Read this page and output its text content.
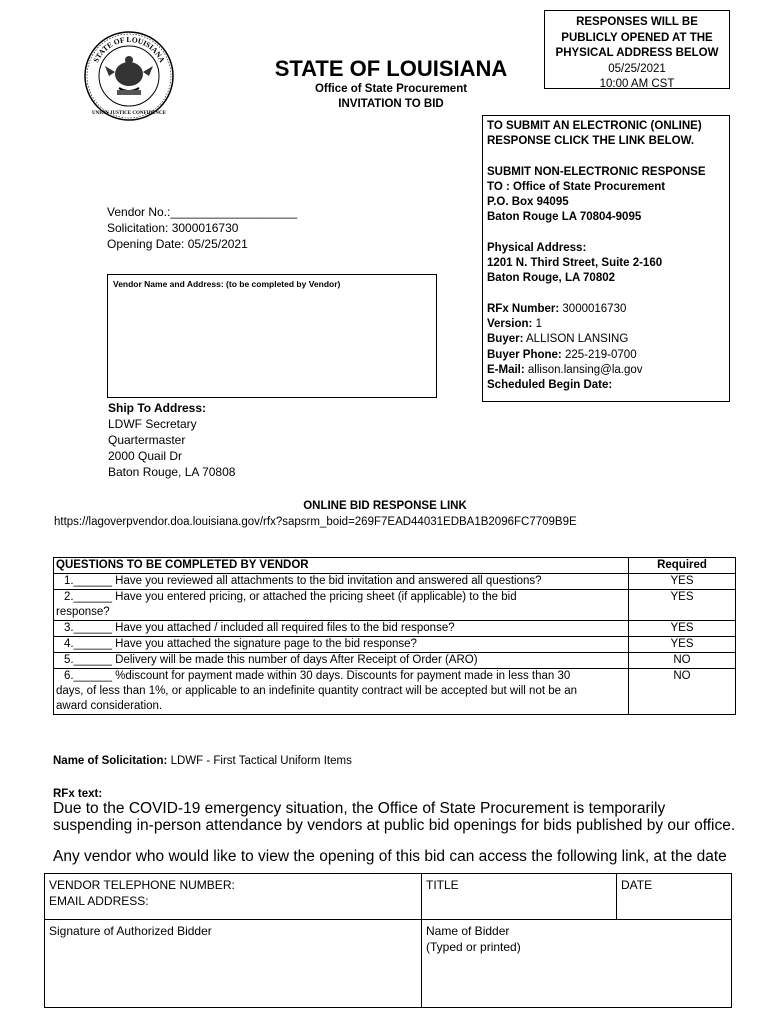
STATE OF LOUISIANA
UNION JUSTICE CONFIDENCE
RESPONSES WILL BE
PUBLICLY OPENED AT THE
PHYSICAL ADDRESS BELOW
05/25/2021
10:00 AM CST
STATE OF LOUISIANA
Office of State Procurement
INVITATION TO BID

TO SUBMIT AN ELECTRONIC (ONLINE)

RESPONSE CLICK THE LINK BELOW.

SUBMIT NON-ELECTRONIC RESPONSE

TO : Office of State Procurement

P.O. Box 94095

Baton Rouge LA 70804-9095

Physical Address:

1201 N. Third Street, Suite 2-160

Baton Rouge, LA 70802

RFx Number: 3000016730

Version: 1

Buyer: ALLISON LANSING

Buyer Phone: 225-219-0700

E-Mail: allison.lansing@la.gov

Scheduled Begin Date:

Vendor No.:___________________
Solicitation: 3000016730
Opening Date: 05/25/2021
Vendor Name and Address: (to be completed by Vendor)
Ship To Address:
LDWF Secretary
Quartermaster
2000 Quail Dr
Baton Rouge, LA 70808
ONLINE BID RESPONSE LINK
https://lagoverpvendor.doa.louisiana.gov/rfx?sapsrm_boid=269F7EAD44031EDBA1B2096FC7709B9E
QUESTIONS TO BE COMPLETED BY VENDOR	Required
1.______ Have you reviewed all attachments to the bid invitation and answered all questions?	YES
2.______ Have you entered pricing, or attached the pricing sheet (if applicable) to the bid
response?	YES
3.______ Have you attached / included all required files to the bid response?	YES
4.______ Have you attached the signature page to the bid response?	YES
5.______ Delivery will be made this number of days After Receipt of Order (ARO)	NO
6.______ %discount for payment made within 30 days. Discounts for payment made in less than 30
days, of less than 1%, or applicable to an indefinite quantity contract will be accepted but will not be an
award consideration.	NO
Name of Solicitation: LDWF - First Tactical Uniform Items
RFx text:

Due to the COVID-19 emergency situation, the Office of State Procurement is temporarily suspending in-person attendance by vendors at public bid openings for bids published by our office.

Any vendor who would like to view the opening of this bid can access the following link, at the date

VENDOR TELEPHONE NUMBER:
EMAIL ADDRESS:	TITLE	DATE
Signature of Authorized Bidder	Name of Bidder
(Typed or printed)	
